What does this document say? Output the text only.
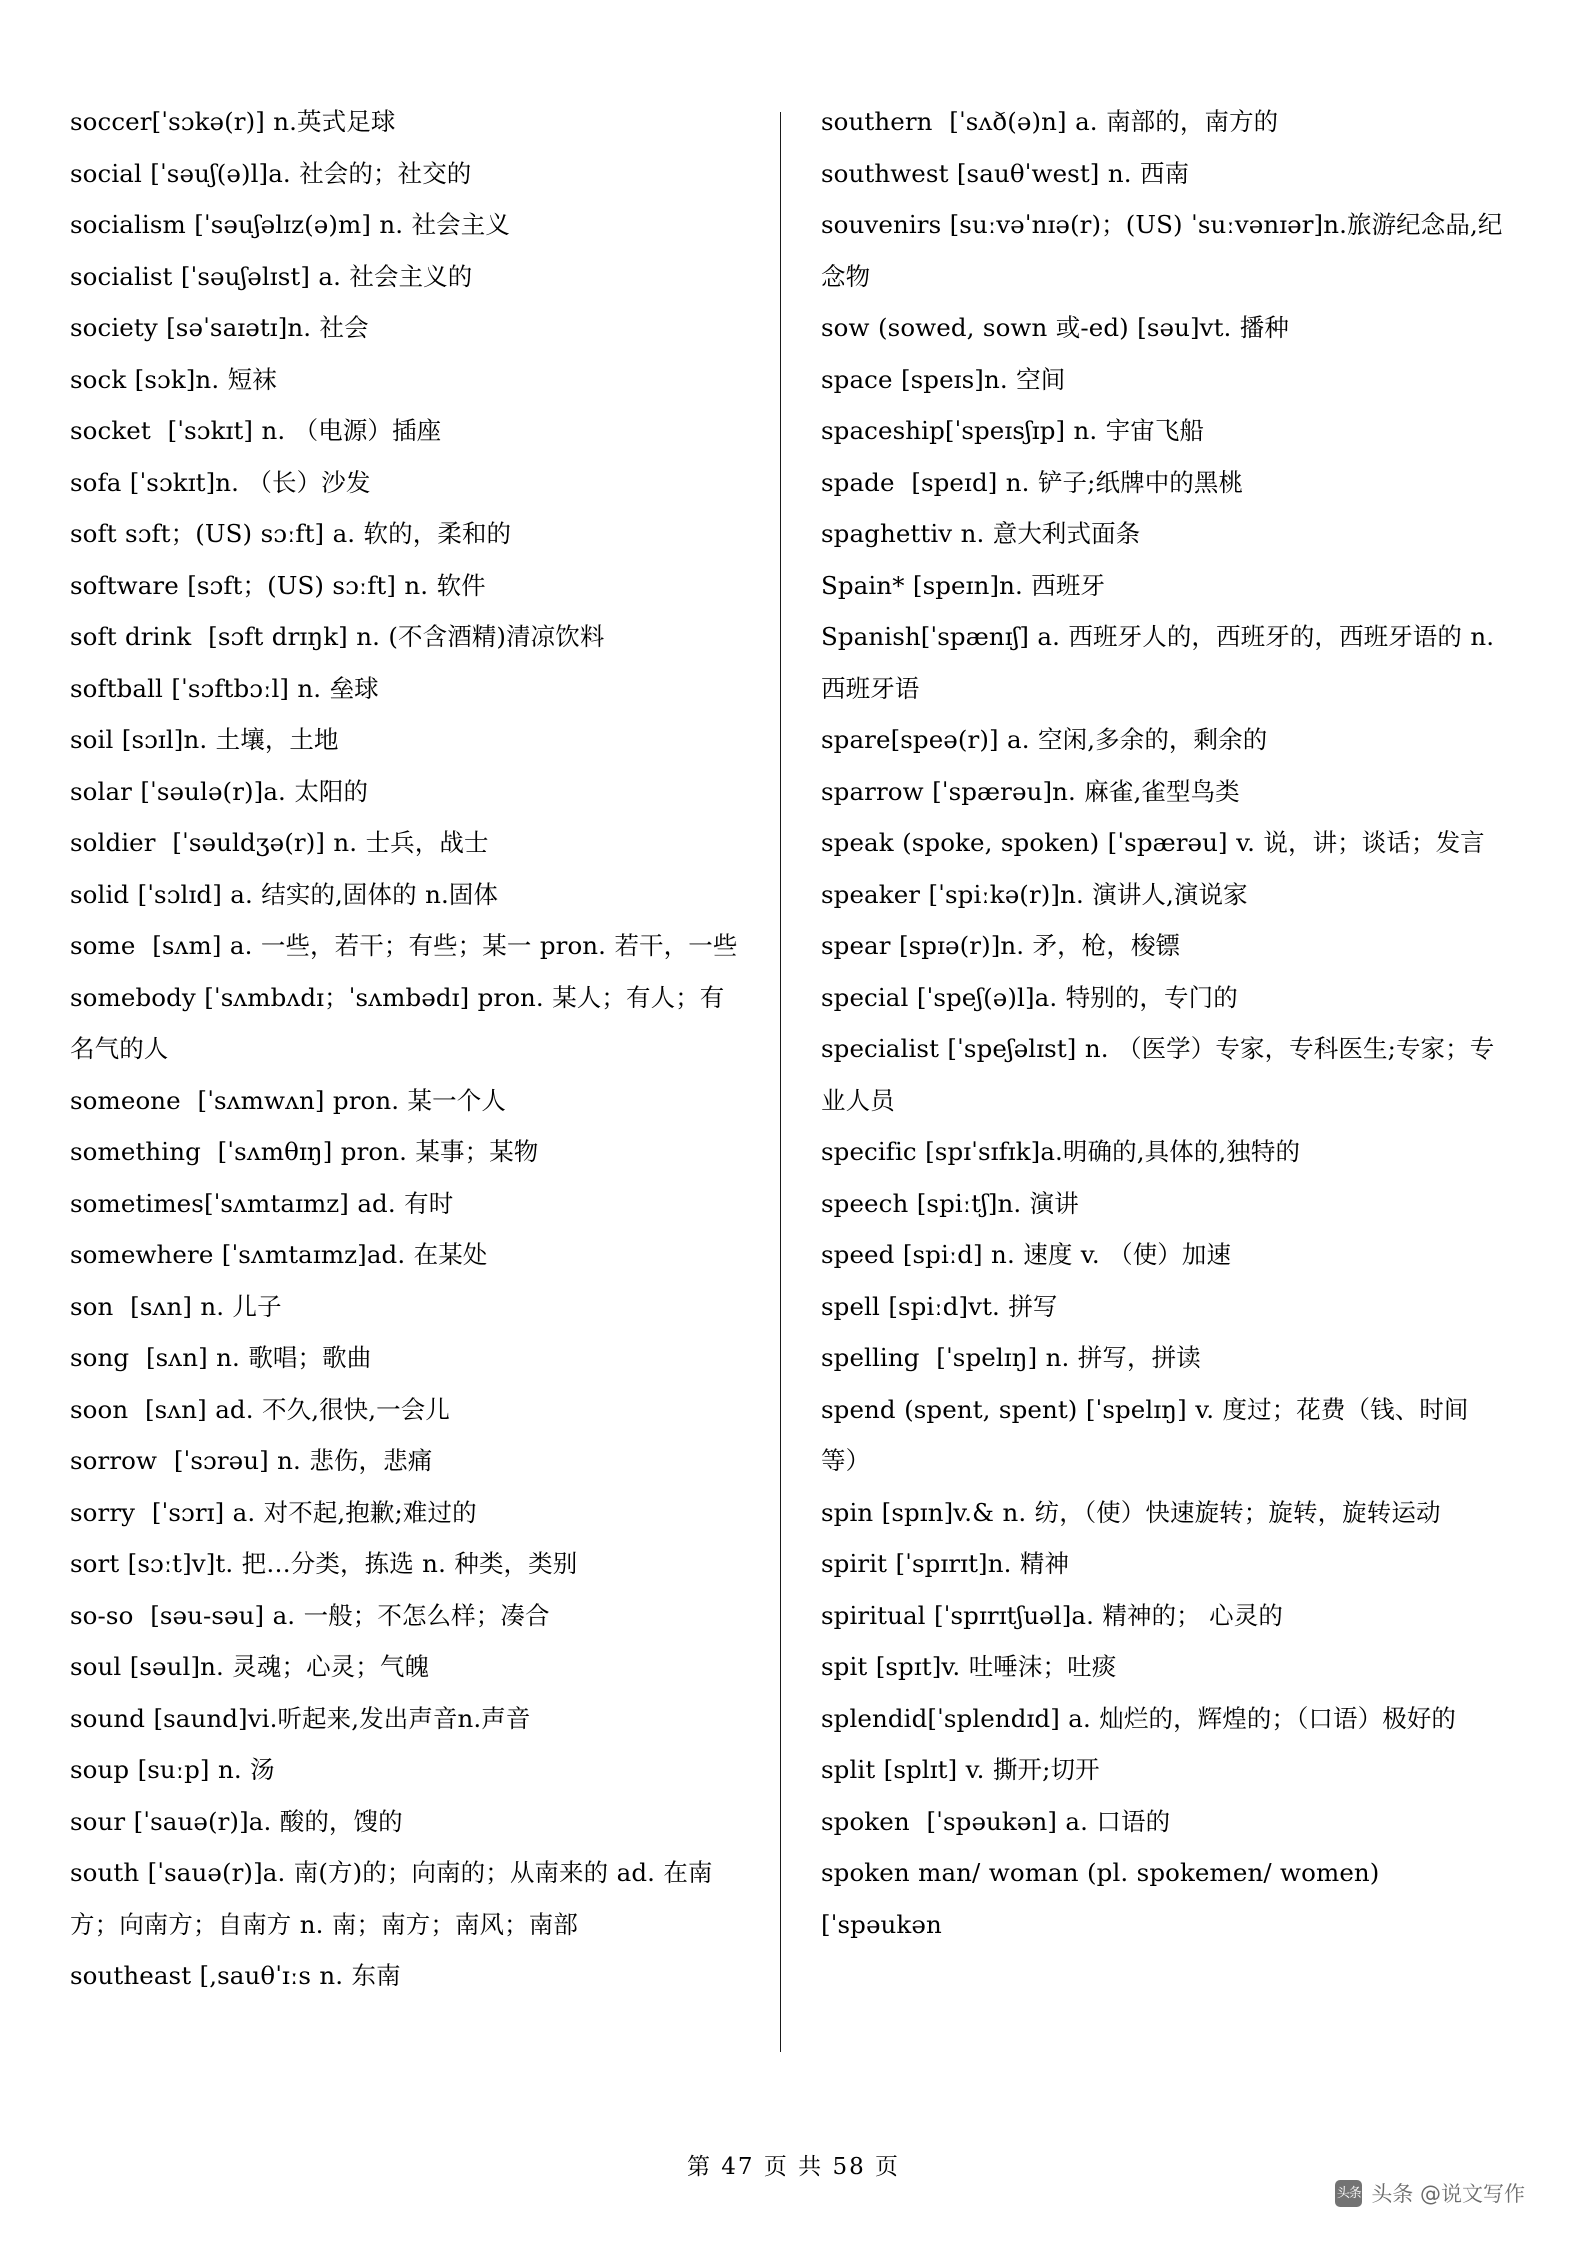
soccer[ˈsɔkə(r)] n.英式足球
social [ˈsəuʃ(ə)l]a. 社会的；社交的
socialism [ˈsəuʃəlɪz(ə)m] n. 社会主义
socialist [ˈsəuʃəlɪst] a. 社会主义的
society [səˈsaɪətɪ]n. 社会
sock [sɔk]n. 短袜
socket  [ˈsɔkɪt] n. （电源）插座
sofa [ˈsɔkɪt]n. （长）沙发
soft sɔft；(US) sɔːft] a. 软的，柔和的
software [sɔft；(US) sɔːft] n. 软件
soft drink  [sɔft drɪŋk] n. (不含酒精)清凉饮料
softball [ˈsɔftbɔːl] n. 垒球
soil [sɔɪl]n. 土壤，土地
solar [ˈsəulə(r)]a. 太阳的
soldier  [ˈsəuldʒə(r)] n. 士兵，战士
solid [ˈsɔlɪd] a. 结实的,固体的 n.固体
some  [sʌm] a. 一些，若干；有些；某一 pron. 若干，一些
somebody [ˈsʌmbʌdɪ；ˈsʌmbədɪ] pron. 某人；有人；有名气的人
someone  [ˈsʌmwʌn] pron. 某一个人
something  [ˈsʌmθɪŋ] pron. 某事；某物
sometimes[ˈsʌmtaɪmz] ad. 有时
somewhere [ˈsʌmtaɪmz]ad. 在某处
son  [sʌn] n. 儿子
song  [sʌn] n. 歌唱；歌曲
soon  [sʌn] ad. 不久,很快,一会儿
sorrow  [ˈsɔrəu] n. 悲伤，悲痛
sorry  [ˈsɔrɪ] a. 对不起,抱歉;难过的
sort [sɔːt]v]t. 把…分类，拣选 n. 种类，类别
so-so  [səu-səu] a. 一般；不怎么样；凑合
soul [səul]n. 灵魂；心灵；气魄
sound [saund]vi.听起来,发出声音n.声音
soup [suːp] n. 汤
sour [ˈsauə(r)]a. 酸的，馊的
south [ˈsauə(r)]a. 南(方)的；向南的；从南来的 ad. 在南方；向南方；自南方 n. 南；南方；南风；南部
southeast [,sauθˈɪːs n. 东南
southern  [ˈsʌð(ə)n] a. 南部的，南方的
southwest [sauθˈwest] n. 西南
souvenirs [suːvəˈnɪə(r)；(US) ˈsuːvənɪər]n.旅游纪念品,纪念物
sow (sowed, sown 或-ed) [səu]vt. 播种
space [speɪs]n. 空间
spaceship[ˈspeɪsʃɪp] n. 宇宙飞船
spade  [speɪd] n. 铲子;纸牌中的黑桃
spaghettiv n. 意大利式面条
Spain* [speɪn]n. 西班牙
Spanish[ˈspænɪʃ] a. 西班牙人的，西班牙的，西班牙语的 n. 西班牙语
spare[speə(r)] a. 空闲,多余的，剩余的
sparrow [ˈspærəu]n. 麻雀,雀型鸟类
speak (spoke, spoken) [ˈspærəu] v. 说，讲；谈话；发言
speaker [ˈspiːkə(r)]n. 演讲人,演说家
spear [spɪə(r)]n. 矛，枪，梭镖
special [ˈspeʃ(ə)l]a. 特别的，专门的
specialist [ˈspeʃəlɪst] n. （医学）专家，专科医生;专家；专业人员
specific [spɪˈsɪfɪk]a.明确的,具体的,独特的
speech [spiːtʃ]n. 演讲
speed [spiːd] n. 速度 v. （使）加速
spell [spiːd]vt. 拼写
spelling  [ˈspelɪŋ] n. 拼写，拼读
spend (spent, spent) [ˈspelɪŋ] v. 度过；花费（钱、时间等）
spin [spɪn]v.& n. 纺，（使）快速旋转；旋转，旋转运动
spirit [ˈspɪrɪt]n. 精神
spiritual [ˈspɪrɪtʃuəl]a. 精神的； 心灵的
spit [spɪt]v. 吐唾沫；吐痰
splendid[ˈsplendɪd] a. 灿烂的，辉煌的；（口语）极好的
split [splɪt] v. 撕开;切开
spoken  [ˈspəukən] a. 口语的
spoken man/ woman (pl. spokemen/ women) [ˈspəukən
第 47 页 共 58 页
头条 头条 @说文写作
